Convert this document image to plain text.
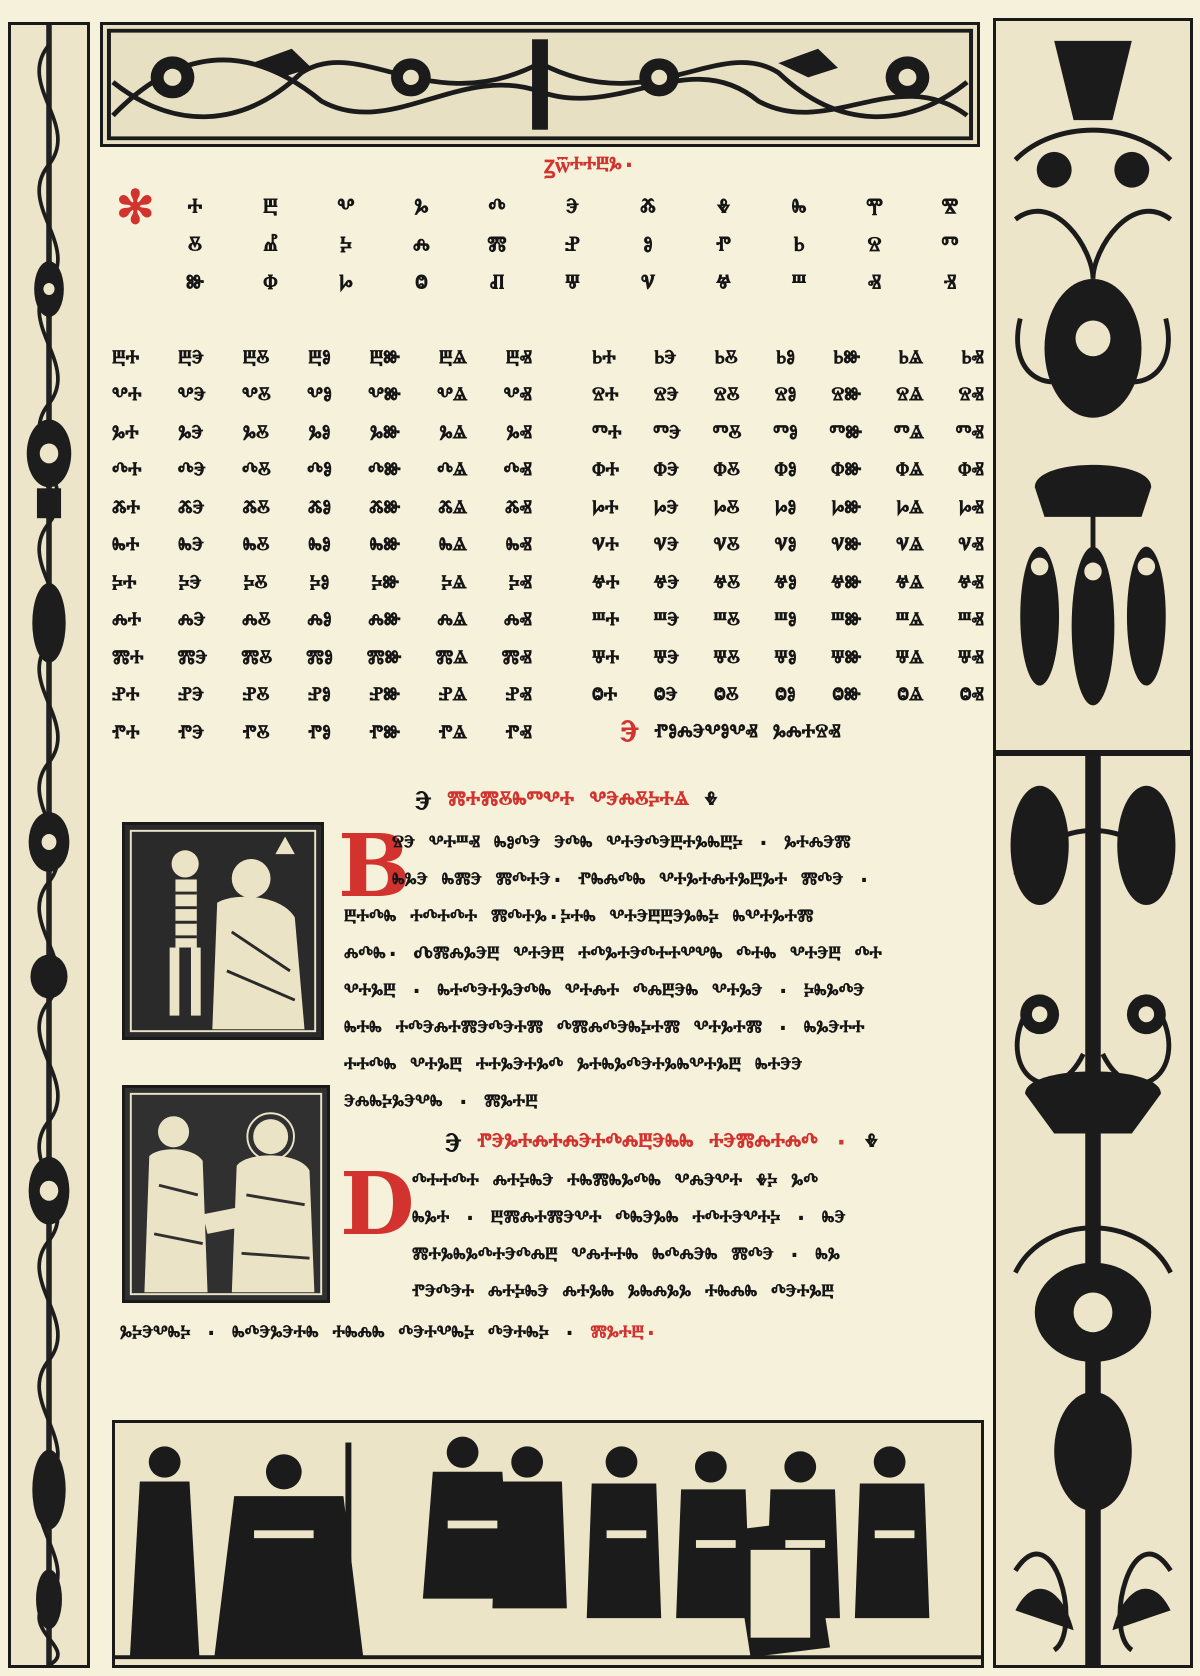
ꙁѿⰰⰰⰱⰳ·
✻	ⰰ	ⰱ	ⰲ	ⰳ	ⰴ	ⰵ	ⰶ	ⰷ	ⰸ	ⰹ	ⰺ
ⰻ	ⰼ	ⰽ	ⰾ	ⰿ	ⱀ	ⱁ	ⱂ	ⱃ	ⱄ	ⱅ
ⱆ	ⱇ	ⱈ	ⱉ	ⱊ	ⱋ	ⱌ	ⱍ	ⱎ	ⱏ	ⱐ
ⰱⰰ ⰱⰵ ⰱⰻ ⰱⱁ ⰱⱆ ⰱⱑ ⰱⱏ
ⰲⰰ ⰲⰵ ⰲⰻ ⰲⱁ ⰲⱆ ⰲⱑ ⰲⱏ
ⰳⰰ ⰳⰵ ⰳⰻ ⰳⱁ ⰳⱆ ⰳⱑ ⰳⱏ
ⰴⰰ ⰴⰵ ⰴⰻ ⰴⱁ ⰴⱆ ⰴⱑ ⰴⱏ
ⰶⰰ ⰶⰵ ⰶⰻ ⰶⱁ ⰶⱆ ⰶⱑ ⰶⱏ
ⰸⰰ ⰸⰵ ⰸⰻ ⰸⱁ ⰸⱆ ⰸⱑ ⰸⱏ
ⰽⰰ ⰽⰵ ⰽⰻ ⰽⱁ ⰽⱆ ⰽⱑ ⰽⱏ
ⰾⰰ ⰾⰵ ⰾⰻ ⰾⱁ ⰾⱆ ⰾⱑ ⰾⱏ
ⰿⰰ ⰿⰵ ⰿⰻ ⰿⱁ ⰿⱆ ⰿⱑ ⰿⱏ
ⱀⰰ ⱀⰵ ⱀⰻ ⱀⱁ ⱀⱆ ⱀⱑ ⱀⱏ
ⱂⰰ ⱂⰵ ⱂⰻ ⱂⱁ ⱂⱆ ⱂⱑ ⱂⱏ
ⱃⰰ ⱃⰵ ⱃⰻ ⱃⱁ ⱃⱆ ⱃⱑ ⱃⱏ
ⱄⰰ ⱄⰵ ⱄⰻ ⱄⱁ ⱄⱆ ⱄⱑ ⱄⱏ
ⱅⰰ ⱅⰵ ⱅⰻ ⱅⱁ ⱅⱆ ⱅⱑ ⱅⱏ
ⱇⰰ ⱇⰵ ⱇⰻ ⱇⱁ ⱇⱆ ⱇⱑ ⱇⱏ
ⱈⰰ ⱈⰵ ⱈⰻ ⱈⱁ ⱈⱆ ⱈⱑ ⱈⱏ
ⱌⰰ ⱌⰵ ⱌⰻ ⱌⱁ ⱌⱆ ⱌⱑ ⱌⱏ
ⱍⰰ ⱍⰵ ⱍⰻ ⱍⱁ ⱍⱆ ⱍⱑ ⱍⱏ
ⱎⰰ ⱎⰵ ⱎⰻ ⱎⱁ ⱎⱆ ⱎⱑ ⱎⱏ
ⱋⰰ ⱋⰵ ⱋⰻ ⱋⱁ ⱋⱆ ⱋⱑ ⱋⱏ
ⱉⰰ ⱉⰵ ⱉⰻ ⱉⱁ ⱉⱆ ⱉⱑ ⱉⱏ
Ⰵ ⱂⱁⰾⰵⰲⱁⰲⱏ ⰳⰾⰰⱄⱏ
Ⰵ ⰿⰰⰿⰻⰸⱅⰲⰰ ⰲⰵⰾⰻⰽⰰⱑ ⰷ
B
ⱄⰵ ⰲⰰⱎⱏ ⰸⱁⰴⰵ ⰵⰴⰸ ⰲⰰⰵⰴⰵⰱⰰⰳⰸⰱⰽ · ⰳⰰⰾⰵⰿ
ⰸⰳⰵ ⰸⰿⰵ ⰿⰴⰰⰵ· ⱂⰸⰾⰴⰸ ⰲⰰⰳⰰⰾⰰⰳⰱⰳⰰ ⰿⰴⰵ ·
ⰱⰰⰴⰸ ⰰⰴⰰⰴⰰ ⰿⰴⰰⰳ·ⰽⰰⰸ ⰲⰰⰵⰱⰱⰵⰳⰸⰽ ⰸⰲⰰⰳⰰⰿ
ⰾⰴⰸ· Ⰴⰿⰾⰳⰵⰱ ⰲⰰⰵⰱ ⰰⰴⰳⰰⰵⰴⰰⰰⰲⰲⰸ ⰴⰰⰸ ⰲⰰⰵⰱ ⰴⰰ
ⰲⰰⰳⰱ · ⰸⰰⰴⰵⰰⰳⰵⰴⰸ ⰲⰰⰾⰰ ⰴⰾⰱⰵⰸ ⰲⰰⰳⰵ · ⰽⰸⰳⰴⰵ
ⰸⰰⰸ ⰰⰴⰵⰾⰰⰿⰵⰴⰵⰰⰿ ⰴⰿⰾⰴⰵⰸⰽⰰⰿ ⰲⰰⰳⰰⰿ · ⰸⰳⰵⰰⰰ
ⰰⰰⰴⰸ ⰲⰰⰳⰱ ⰰⰰⰳⰵⰰⰳⰴ ⰳⰰⰸⰳⰴⰵⰰⰳⰸⰲⰰⰳⰱ ⰸⰰⰵⰵ
ⰵⰾⰸⰽⰳⰵⰲⰸ · ⰿⰳⰰⰱ
Ⰵ ⱂⰵⰳⰰⰾⰰⰾⰵⰰⰴⰾⰱⰵⰸⰸ ⰰⰵⰿⰾⰰⰾⰴ · ⰷ
D
ⰴⰰⰰⰴⰰ ⰾⰰⰽⰸⰵ ⰰⰸⰿⰸⰳⰴⰸ ⰲⰾⰵⰲⰰ ⰷⰽ ⰳⰴ
ⰸⰳⰰ · ⰱⰿⰾⰰⰿⰵⰲⰰ ⰴⰸⰵⰳⰸ ⰰⰴⰰⰵⰲⰰⰽ · ⰸⰵ
ⰿⰰⰳⰸⰳⰴⰰⰵⰴⰾⰱ ⰲⰾⰰⰰⰸ ⰸⰴⰾⰵⰸ ⰿⰴⰵ · ⰸⰳ
ⱂⰵⰴⰵⰰ ⰾⰰⰽⰸⰵ ⰾⰰⰳⰸ ⰳⰸⰾⰳⰳ ⰰⰸⰾⰸ ⰴⰵⰰⰳⰱ
ⰳⰽⰵⰲⰸⰽ · ⰸⰴⰵⰳⰵⰰⰸ ⰰⰸⰾⰸ ⰴⰵⰰⰲⰸⰽ ⰴⰵⰰⰸⰽ · ⰿⰳⰰⰱ·
